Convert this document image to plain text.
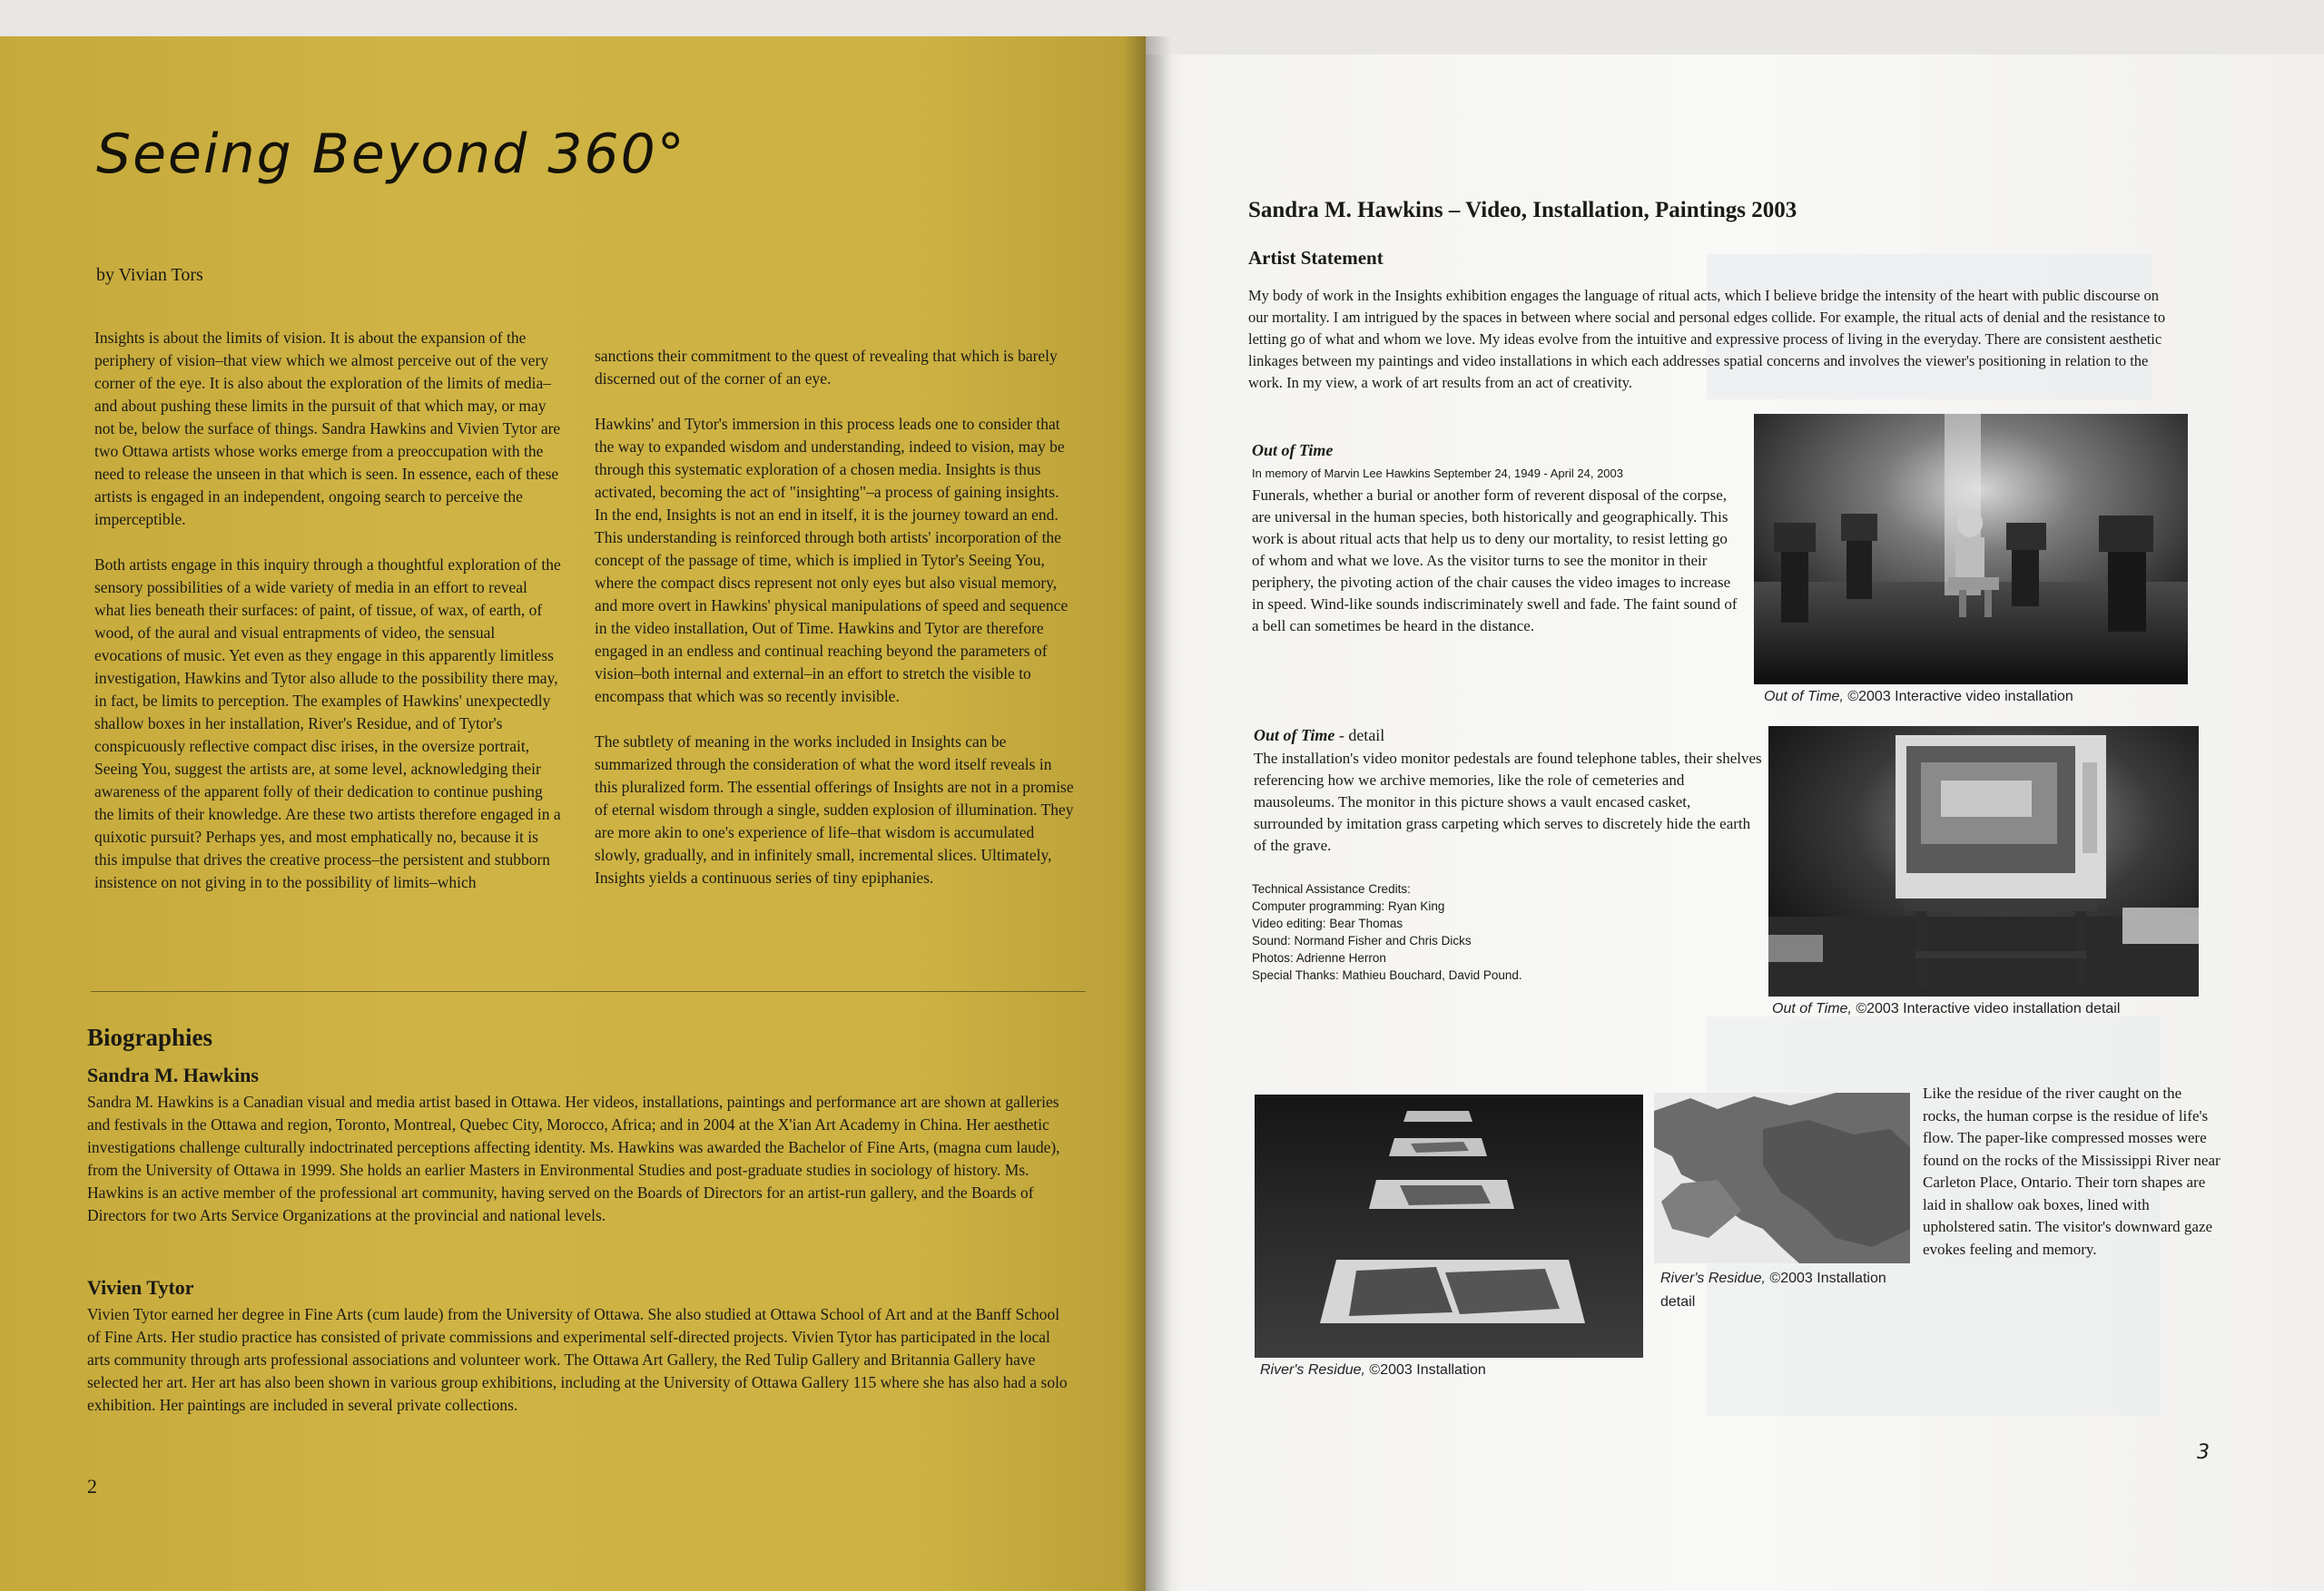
Seeing Beyond 360°
by Vivian Tors

Insights is about the limits of vision. It is about the expansion of the periphery of vision–that view which we almost perceive out of the very corner of the eye. It is also about the exploration of the limits of media–and about pushing these limits in the pursuit of that which may, or may not be, below the surface of things. Sandra Hawkins and Vivien Tytor are two Ottawa artists whose works emerge from a preoccupation with the need to release the unseen in that which is seen. In essence, each of these artists is engaged in an independent, ongoing search to perceive the imperceptible.

Both artists engage in this inquiry through a thoughtful exploration of the sensory possibilities of a wide variety of media in an effort to reveal what lies beneath their surfaces: of paint, of tissue, of wax, of earth, of wood, of the aural and visual entrapments of video, the sensual evocations of music. Yet even as they engage in this apparently limitless investigation, Hawkins and Tytor also allude to the possibility there may, in fact, be limits to perception. The examples of Hawkins' unexpectedly shallow boxes in her installation, River's Residue, and of Tytor's conspicuously reflective compact disc irises, in the oversize portrait, Seeing You, suggest the artists are, at some level, acknowledging their awareness of the apparent folly of their dedication to continue pushing the limits of their knowledge. Are these two artists therefore engaged in a quixotic pursuit? Perhaps yes, and most emphatically no, because it is this impulse that drives the creative process–the persistent and stubborn insistence on not giving in to the possibility of limits–which

sanctions their commitment to the quest of revealing that which is barely discerned out of the corner of an eye.

Hawkins' and Tytor's immersion in this process leads one to consider that the way to expanded wisdom and understanding, indeed to vision, may be through this systematic exploration of a chosen media. Insights is thus activated, becoming the act of "insighting"–a process of gaining insights. In the end, Insights is not an end in itself, it is the journey toward an end. This understanding is reinforced through both artists' incorporation of the concept of the passage of time, which is implied in Tytor's Seeing You, where the compact discs represent not only eyes but also visual memory, and more overt in Hawkins' physical manipulations of speed and sequence in the video installation, Out of Time. Hawkins and Tytor are therefore engaged in an endless and continual reaching beyond the parameters of vision–both internal and external–in an effort to stretch the visible to encompass that which was so recently invisible.

The subtlety of meaning in the works included in Insights can be summarized through the consideration of what the word itself reveals in this pluralized form. The essential offerings of Insights are not in a promise of eternal wisdom through a single, sudden explosion of illumination. They are more akin to one's experience of life–that wisdom is accumulated slowly, gradually, and in infinitely small, incremental slices. Ultimately, Insights yields a continuous series of tiny epiphanies.

Biographies
Sandra M. Hawkins
Sandra M. Hawkins is a Canadian visual and media artist based in Ottawa. Her videos, installations, paintings and performance art are shown at galleries and festivals in the Ottawa and region, Toronto, Montreal, Quebec City, Morocco, Africa; and in 2004 at the X'ian Art Academy in China. Her aesthetic investigations challenge culturally indoctrinated perceptions affecting identity. Ms. Hawkins was awarded the Bachelor of Fine Arts, (magna cum laude), from the University of Ottawa in 1999. She holds an earlier Masters in Environmental Studies and post-graduate studies in sociology of history. Ms. Hawkins is an active member of the professional art community, having served on the Boards of Directors for an artist-run gallery, and the Boards of Directors for two Arts Service Organizations at the provincial and national levels.
Vivien Tytor
Vivien Tytor earned her degree in Fine Arts (cum laude) from the University of Ottawa. She also studied at Ottawa School of Art and at the Banff School of Fine Arts. Her studio practice has consisted of private commissions and experimental self-directed projects. Vivien Tytor has participated in the local arts community through arts professional associations and volunteer work. The Ottawa Art Gallery, the Red Tulip Gallery and Britannia Gallery have selected her art. Her art has also been shown in various group exhibitions, including at the University of Ottawa Gallery 115 where she has also had a solo exhibition. Her paintings are included in several private collections.
2
Sandra M. Hawkins – Video, Installation, Paintings 2003
Artist Statement
My body of work in the Insights exhibition engages the language of ritual acts, which I believe bridge the intensity of the heart with public discourse on our mortality. I am intrigued by the spaces in between where social and personal edges collide. For example, the ritual acts of denial and the resistance to letting go of what and whom we love. My ideas evolve from the intuitive and expressive process of living in the everyday. There are consistent aesthetic linkages between my paintings and video installations in which each addresses spatial concerns and involves the viewer's positioning in relation to the work. In my view, a work of art results from an act of creativity.
Out of Time
In memory of Marvin Lee Hawkins September 24, 1949 - April 24, 2003
Funerals, whether a burial or another form of reverent disposal of the corpse, are universal in the human species, both historically and geographically. This work is about ritual acts that help us to deny our mortality, to resist letting go of whom and what we love. As the visitor turns to see the monitor in their periphery, the pivoting action of the chair causes the video images to increase in speed. Wind-like sounds indiscriminately swell and fade. The faint sound of a bell can sometimes be heard in the distance.
Out of Time, ©2003 Interactive video installation
Out of Time - detail
The installation's video monitor pedestals are found telephone tables, their shelves referencing how we archive memories, like the role of cemeteries and mausoleums. The monitor in this picture shows a vault encased casket, surrounded by imitation grass carpeting which serves to discretely hide the earth of the grave.
Technical Assistance Credits:
Computer programming: Ryan King
Video editing: Bear Thomas
Sound: Normand Fisher and Chris Dicks
Photos: Adrienne Herron
Special Thanks: Mathieu Bouchard, David Pound.
Out of Time, ©2003 Interactive video installation detail
River's Residue, ©2003 Installation
River's Residue, ©2003 Installation
detail
Like the residue of the river caught on the rocks, the human corpse is the residue of life's flow. The paper-like compressed mosses were found on the rocks of the Mississippi River near Carleton Place, Ontario. Their torn shapes are laid in shallow oak boxes, lined with upholstered satin. The visitor's downward gaze evokes feeling and memory.
3
